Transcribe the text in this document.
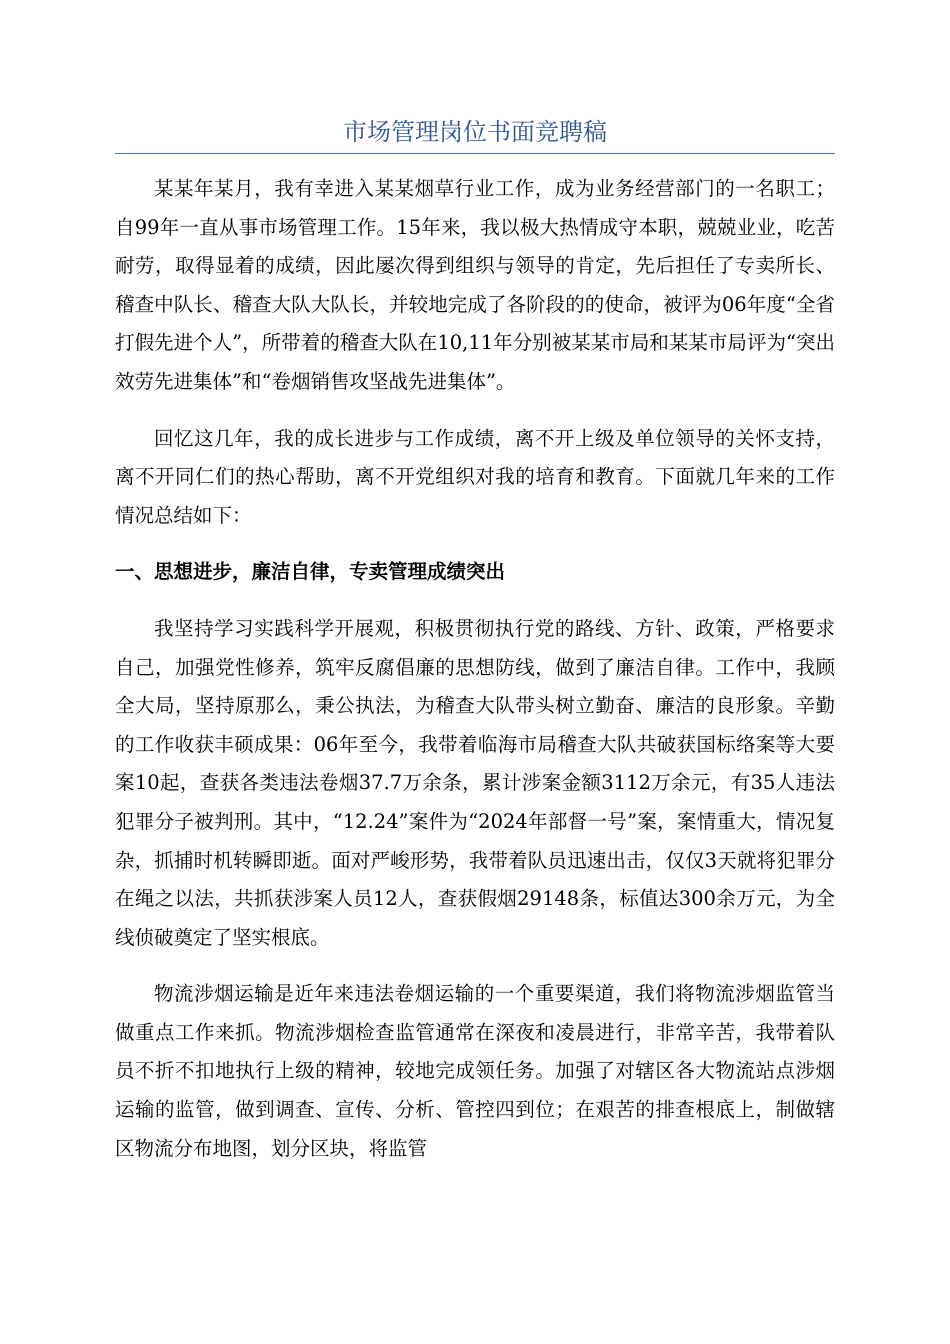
市场管理岗位书面竞聘稿

某某年某月，我有幸进入某某烟草行业工作，成为业务经营部门的一名职工；自99年一直从事市场管理工作。15年来，我以极大热情成守本职，兢兢业业，吃苦耐劳，取得显着的成绩，因此屡次得到组织与领导的肯定，先后担任了专卖所长、稽查中队长、稽查大队大队长，并较地完成了各阶段的的使命，被评为06年度“全省打假先进个人”，所带着的稽查大队在10,11年分别被某某市局和某某市局评为“突出效劳先进集体”和“卷烟销售攻坚战先进集体”。

回忆这几年，我的成长进步与工作成绩，离不开上级及单位领导的关怀支持，离不开同仁们的热心帮助，离不开党组织对我的培育和教育。下面就几年来的工作情况总结如下：

一、思想进步，廉洁自律，专卖管理成绩突出

我坚持学习实践科学开展观，积极贯彻执行党的路线、方针、政策，严格要求自己，加强党性修养，筑牢反腐倡廉的思想防线，做到了廉洁自律。工作中，我顾全大局，坚持原那么，秉公执法，为稽查大队带头树立勤奋、廉洁的良形象。辛勤的工作收获丰硕成果：06年至今，我带着临海市局稽查大队共破获国标络案等大要案10起，查获各类违法卷烟37.7万余条，累计涉案金额3112万余元，有35人违法犯罪分子被判刑。其中，“12.24”案件为“2024年部督一号”案，案情重大，情况复杂，抓捕时机转瞬即逝。面对严峻形势，我带着队员迅速出击，仅仅3天就将犯罪分在绳之以法，共抓获涉案人员12人，查获假烟29148条，标值达300余万元，为全线侦破奠定了坚实根底。

物流涉烟运输是近年来违法卷烟运输的一个重要渠道，我们将物流涉烟监管当做重点工作来抓。物流涉烟检查监管通常在深夜和凌晨进行，非常辛苦，我带着队员不折不扣地执行上级的精神，较地完成领任务。加强了对辖区各大物流站点涉烟运输的监管，做到调查、宣传、分析、管控四到位；在艰苦的排查根底上，制做辖区物流分布地图，划分区块，将监管
